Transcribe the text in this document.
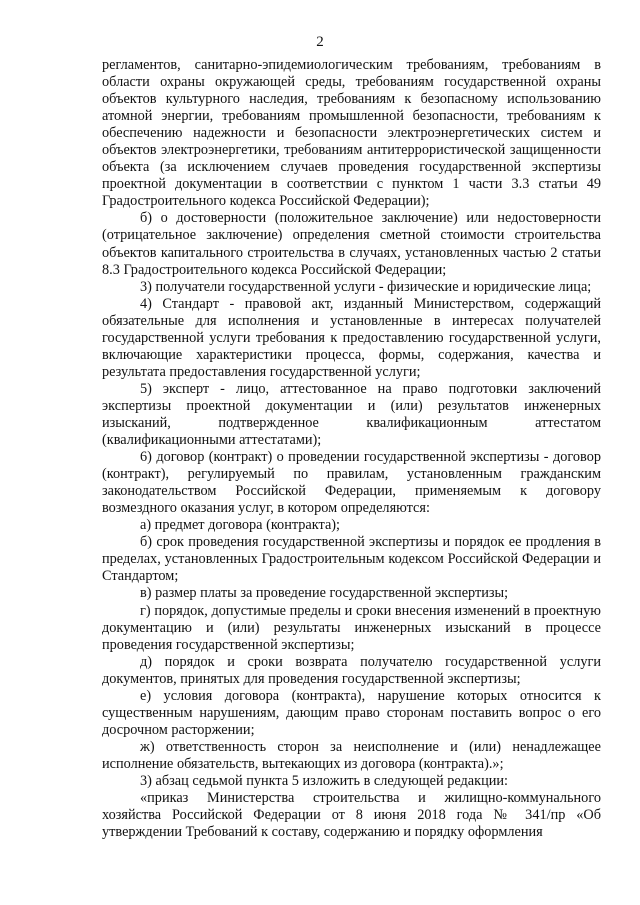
2

регламентов, санитарно-эпидемиологическим требованиям, требованиям в области охраны окружающей среды, требованиям государственной охраны объектов культурного наследия, требованиям к безопасному использованию атомной энергии, требованиям промышленной безопасности, требованиям к обеспечению надежности и безопасности электроэнергетических систем и объектов электроэнергетики, требованиям антитеррористической защищенности объекта (за исключением случаев проведения государственной экспертизы проектной документации в соответствии с пунктом 1 части 3.3 статьи 49 Градостроительного кодекса Российской Федерации);

б) о достоверности (положительное заключение) или недостоверности (отрицательное заключение) определения сметной стоимости строительства объектов капитального строительства в случаях, установленных частью 2 статьи 8.3 Градостроительного кодекса Российской Федерации;

3) получатели государственной услуги - физические и юридические лица;

4) Стандарт - правовой акт, изданный Министерством, содержащий обязательные для исполнения и установленные в интересах получателей государственной услуги требования к предоставлению государственной услуги, включающие характеристики процесса, формы, содержания, качества и результата предоставления государственной услуги;

5) эксперт - лицо, аттестованное на право подготовки заключений экспертизы проектной документации и (или) результатов инженерных изысканий, подтвержденное квалификационным аттестатом (квалификационными аттестатами);

6) договор (контракт) о проведении государственной экспертизы - договор (контракт), регулируемый по правилам, установленным гражданским законодательством Российской Федерации, применяемым к договору возмездного оказания услуг, в котором определяются:

а) предмет договора (контракта);

б) срок проведения государственной экспертизы и порядок ее продления в пределах, установленных Градостроительным кодексом Российской Федерации и Стандартом;

в) размер платы за проведение государственной экспертизы;

г) порядок, допустимые пределы и сроки внесения изменений в проектную документацию и (или) результаты инженерных изысканий в процессе проведения государственной экспертизы;

д) порядок и сроки возврата получателю государственной услуги документов, принятых для проведения государственной экспертизы;

е) условия договора (контракта), нарушение которых относится к существенным нарушениям, дающим право сторонам поставить вопрос о его досрочном расторжении;

ж) ответственность сторон за неисполнение и (или) ненадлежащее исполнение обязательств, вытекающих из договора (контракта).»;

3) абзац седьмой пункта 5 изложить в следующей редакции:

«приказ Министерства строительства и жилищно-коммунального хозяйства Российской Федерации от 8 июня 2018 года № 341/пр «Об утверждении Требований к составу, содержанию и порядку оформления
